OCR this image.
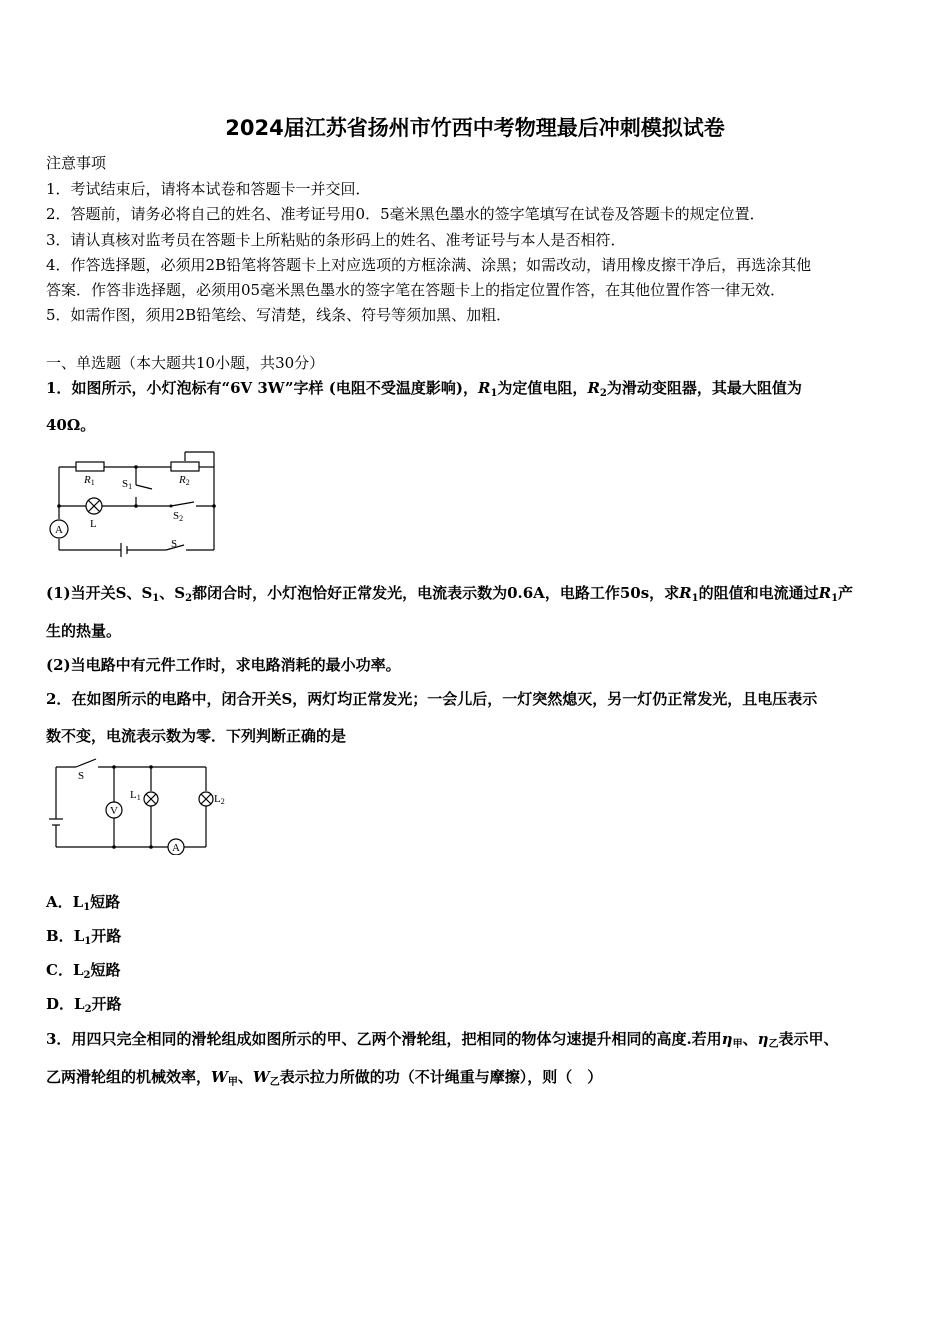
2024届江苏省扬州市竹西中考物理最后冲刺模拟试卷
注意事项
1．考试结束后，请将本试卷和答题卡一并交回．
2．答题前，请务必将自己的姓名、准考证号用0．5毫米黑色墨水的签字笔填写在试卷及答题卡的规定位置．
3．请认真核对监考员在答题卡上所粘贴的条形码上的姓名、准考证号与本人是否相符．
4．作答选择题，必须用2B铅笔将答题卡上对应选项的方框涂满、涂黑；如需改动，请用橡皮擦干净后，再选涂其他
答案．作答非选择题，必须用05毫米黑色墨水的签字笔在答题卡上的指定位置作答，在其他位置作答一律无效．
5．如需作图，须用2B铅笔绘、写清楚，线条、符号等须加黑、加粗．
一、单选题（本大题共10小题，共30分）
1．如图所示，小灯泡标有“6V 3W”字样 (电阻不受温度影响)，$R_1$为定值电阻，$R_2$为滑动变阻器，其最大阻值为
40Ω。
R1	R2
S1
S2
L
A
S
(1)当开关S、$S_1$、$S_2$都闭合时，小灯泡恰好正常发光，电流表示数为0.6A，电路工作50s，求$R_1$的阻值和电流通过$R_1$产
生的热量。
(2)当电路中有元件工作时，求电路消耗的最小功率。
2．在如图所示的电路中，闭合开关S，两灯均正常发光；一会儿后，一灯突然熄灭，另一灯仍正常发光，且电压表示
数不变，电流表示数为零．下列判断正确的是
S
V
L1	L2
A
A．$L_1$短路
B．$L_1$开路
C．$L_2$短路
D．$L_2$开路
3．用四只完全相同的滑轮组成如图所示的甲、乙两个滑轮组，把相同的物体匀速提升相同的高度.若用$\eta_甲$、$\eta_乙$表示甲、
乙两滑轮组的机械效率，$W_甲$、$W_乙$表示拉力所做的功（不计绳重与摩擦），则（　）
